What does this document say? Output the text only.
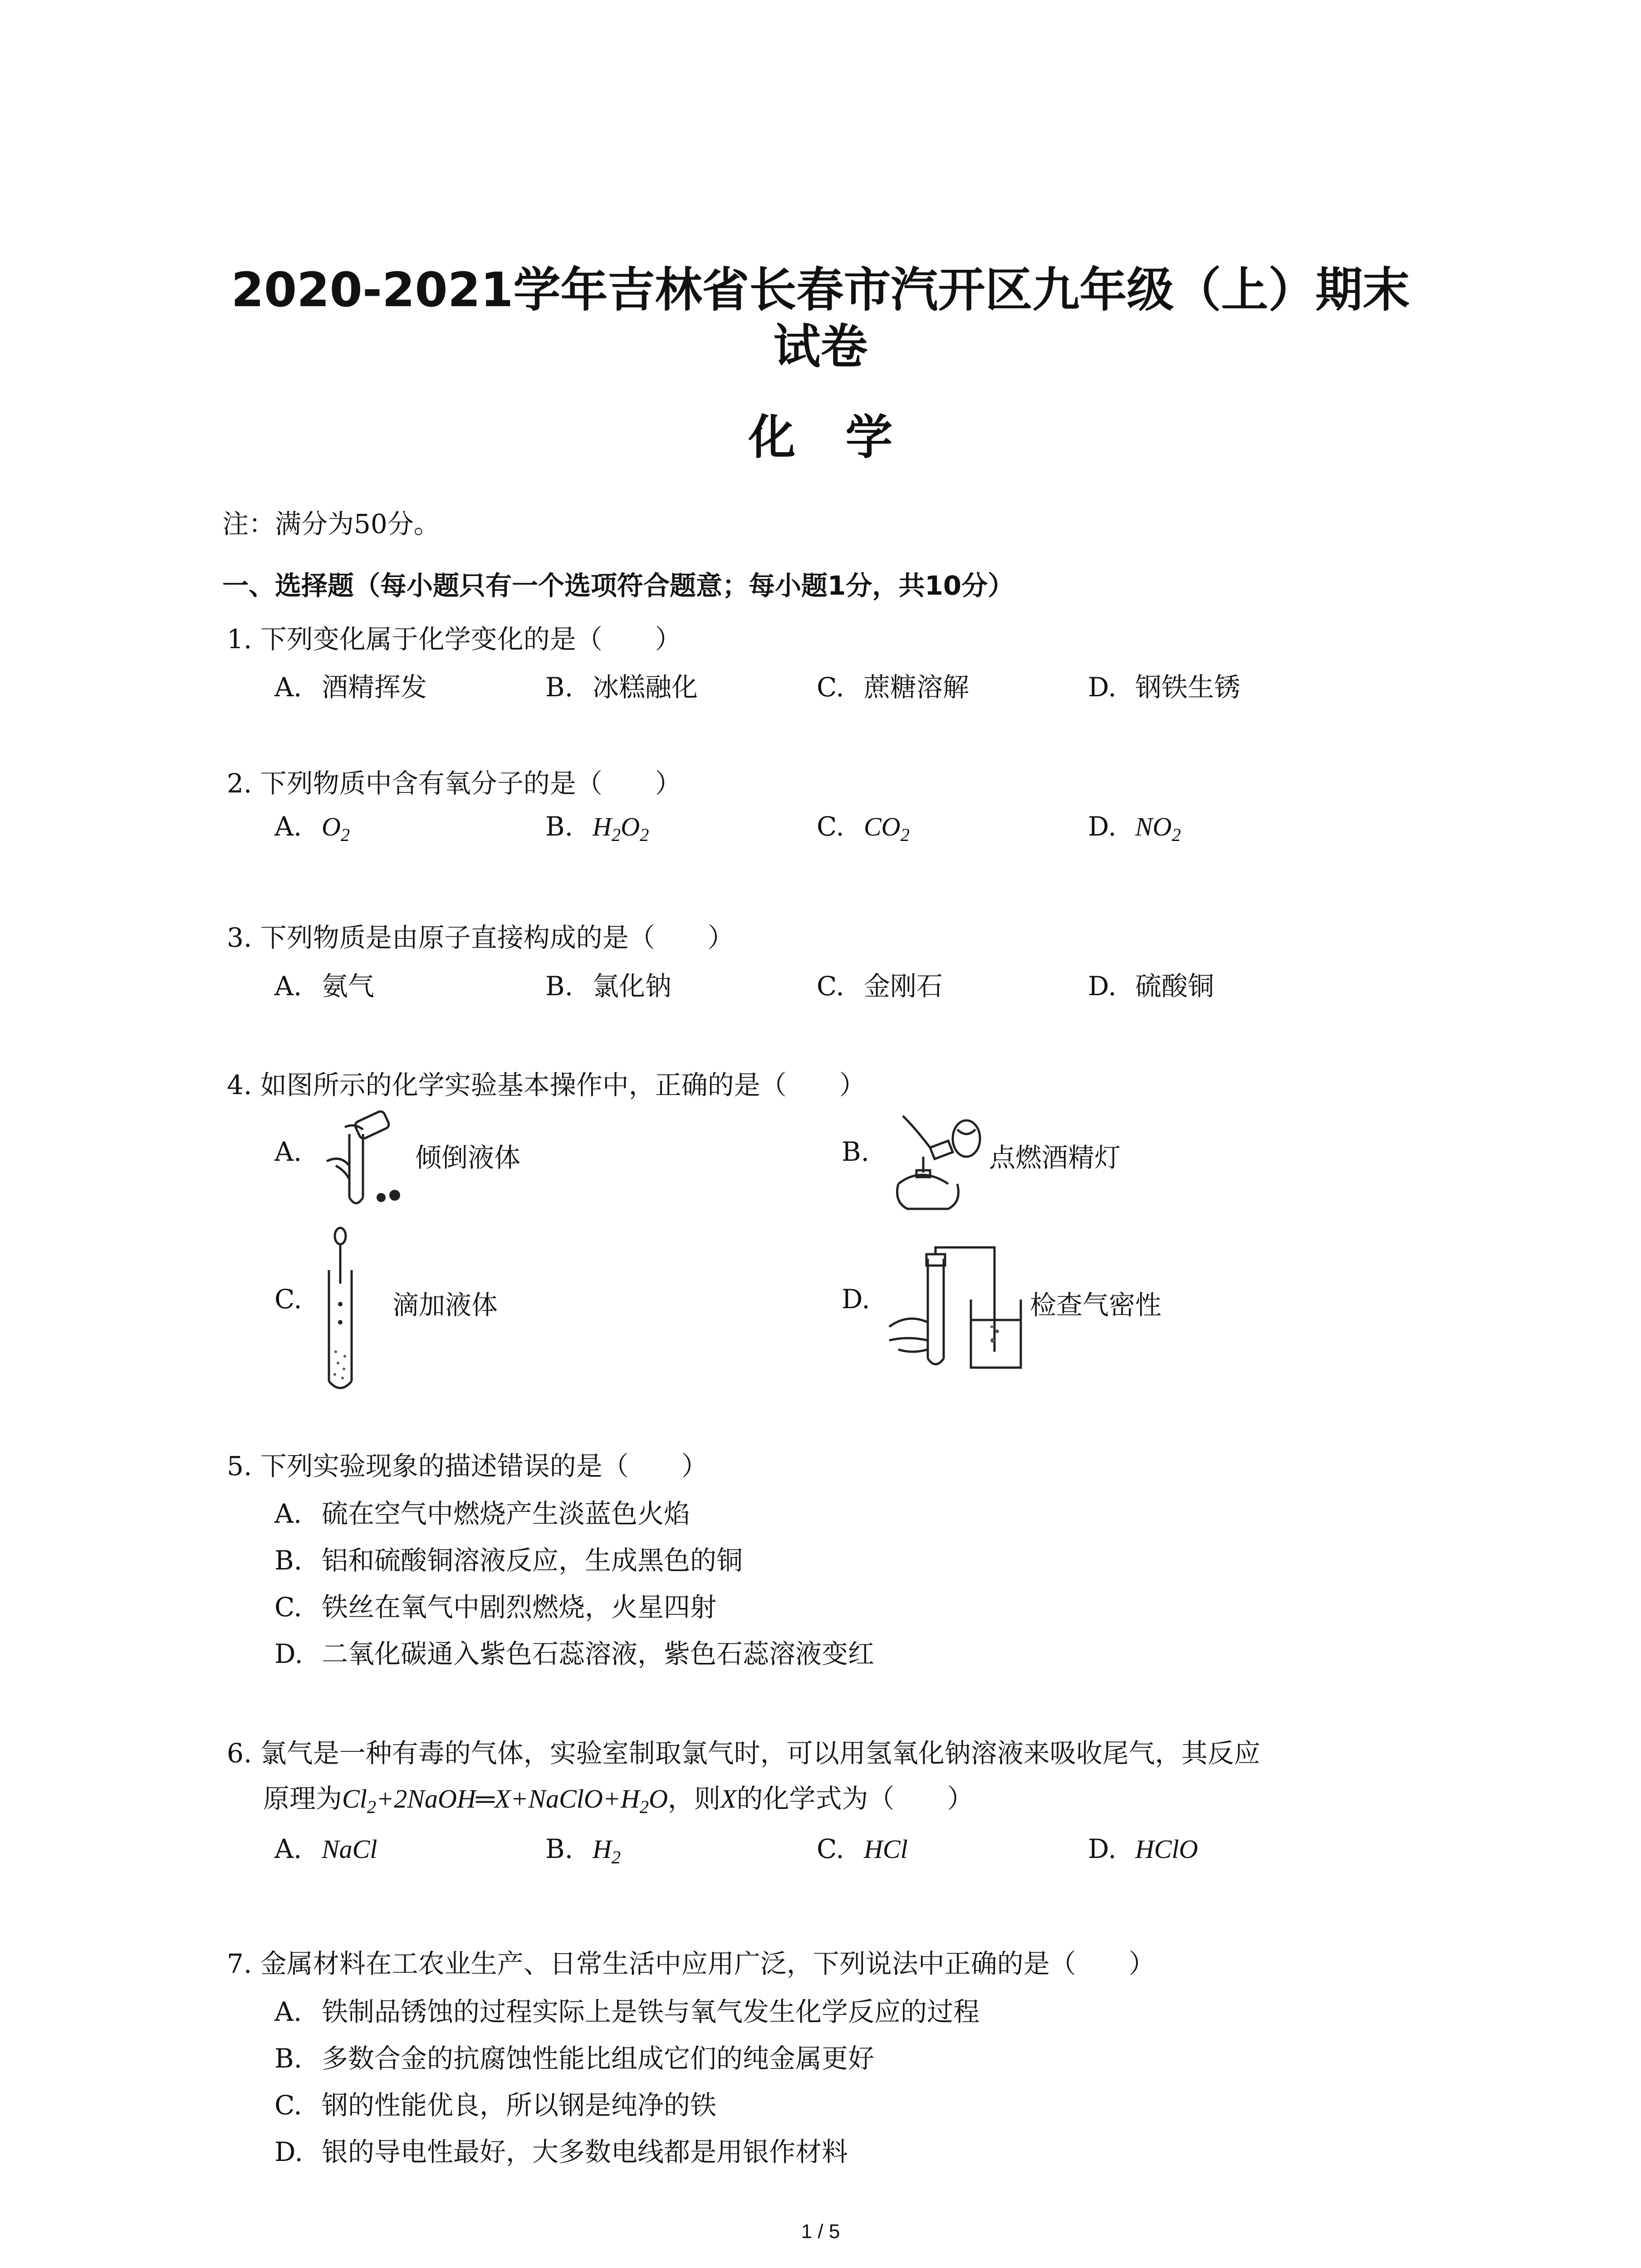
2020-2021学年吉林省长春市汽开区九年级（上）期末
试卷
化学
注：满分为50分。
一、选择题（每小题只有一个选项符合题意；每小题1分，共10分）
1. 下列变化属于化学变化的是（　　）
A. 酒精挥发	B. 冰糕融化	C. 蔗糖溶解	D. 钢铁生锈
2. 下列物质中含有氧分子的是（　　）
A. $O_2$	B. $H_2O_2$	C. $CO_2$	D. $NO_2$
3. 下列物质是由原子直接构成的是（　　）
A. 氨气	B. 氯化钠	C. 金刚石	D. 硫酸铜
4. 如图所示的化学实验基本操作中，正确的是（　　）
A.	倾倒液体	B.	点燃酒精灯
C.	滴加液体	D.	检查气密性
5. 下列实验现象的描述错误的是（　　）
A. 硫在空气中燃烧产生淡蓝色火焰
B. 铝和硫酸铜溶液反应，生成黑色的铜
C. 铁丝在氧气中剧烈燃烧，火星四射
D. 二氧化碳通入紫色石蕊溶液，紫色石蕊溶液变红
6. 氯气是一种有毒的气体，实验室制取氯气时，可以用氢氧化钠溶液来吸收尾气，其反应
原理为$Cl_2+2NaOH═X+NaClO+H_2O$，则X的化学式为（　　）
A. NaCl	B. $H_2$	C. HCl	D. HClO
7. 金属材料在工农业生产、日常生活中应用广泛，下列说法中正确的是（　　）
A. 铁制品锈蚀的过程实际上是铁与氧气发生化学反应的过程
B. 多数合金的抗腐蚀性能比组成它们的纯金属更好
C. 钢的性能优良，所以钢是纯净的铁
D. 银的导电性最好，大多数电线都是用银作材料
1 / 5
